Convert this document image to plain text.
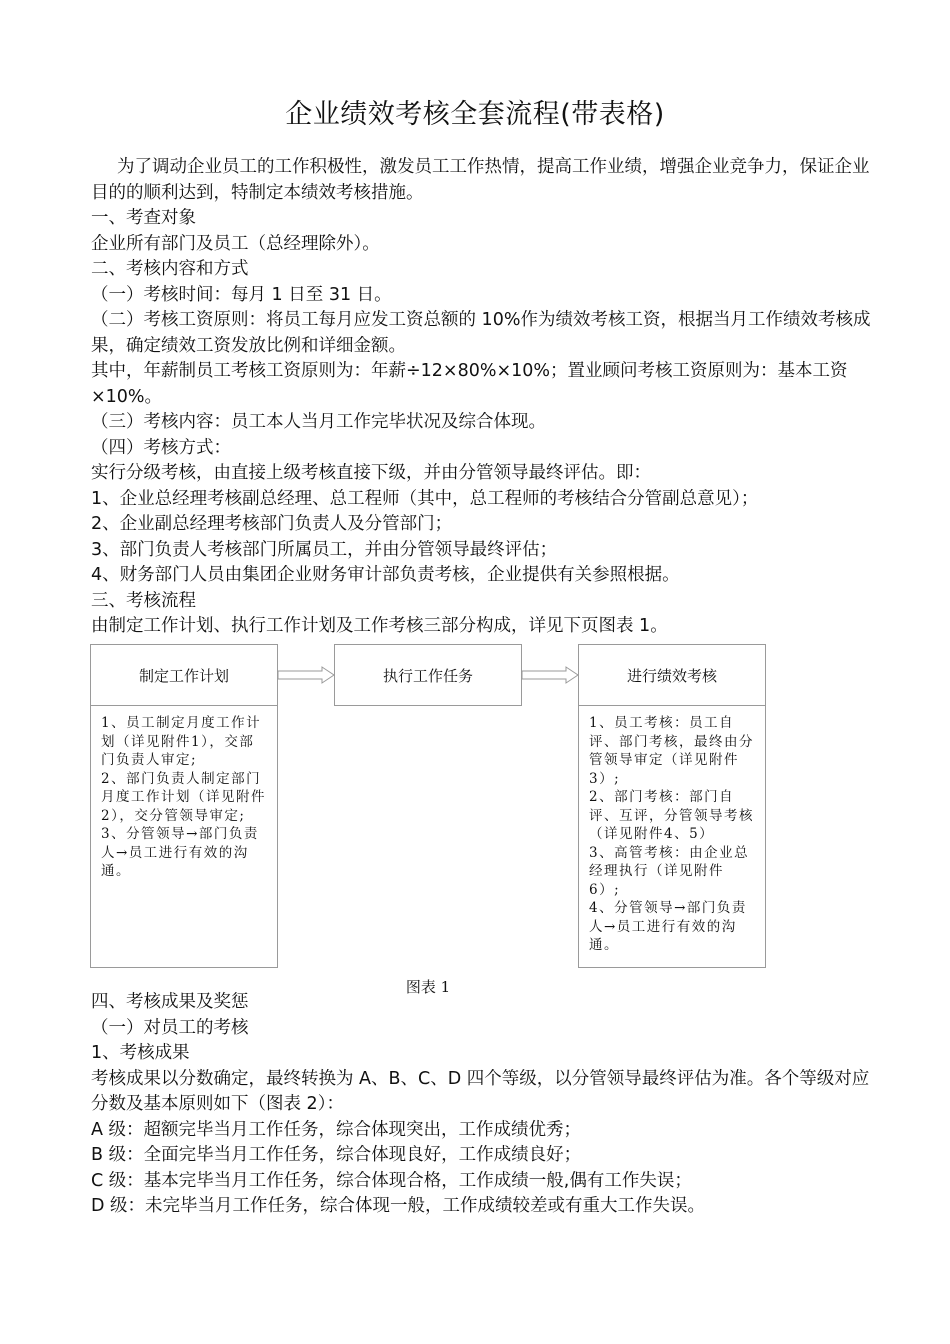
企业绩效考核全套流程(带表格)

为了调动企业员工的工作积极性，激发员工工作热情，提高工作业绩，增强企业竞争力，保证企业目的的顺利达到，特制定本绩效考核措施。

一、考查对象

企业所有部门及员工（总经理除外）。

二、考核内容和方式

（一）考核时间：每月 1 日至 31 日。

（二）考核工资原则：将员工每月应发工资总额的 10%作为绩效考核工资，根据当月工作绩效考核成果，确定绩效工资发放比例和详细金额。

其中，年薪制员工考核工资原则为：年薪÷12×80%×10%；置业顾问考核工资原则为：基本工资×10%。

（三）考核内容：员工本人当月工作完毕状况及综合体现。

（四）考核方式：

实行分级考核，由直接上级考核直接下级，并由分管领导最终评估。即：

1、企业总经理考核副总经理、总工程师（其中，总工程师的考核结合分管副总意见）；

2、企业副总经理考核部门负责人及分管部门；

3、部门负责人考核部门所属员工，并由分管领导最终评估；

4、财务部门人员由集团企业财务审计部负责考核，企业提供有关参照根据。

三、考核流程

由制定工作计划、执行工作计划及工作考核三部分构成，详见下页图表 1。

制定工作计划	执行工作任务	进行绩效考核
1、员工制定月度工作计划（详见附件1），交部门负责人审定;
2、部门负责人制定部门月度工作计划（详见附件2），交分管领导审定;
3、分管领导→部门负责人→员工进行有效的沟通。
1、员工考核：员工自评、部门考核，最终由分管领导审定（详见附件3）;
2、部门考核：部门自评、互评，分管领导考核（详见附件4、5）
3、高管考核：由企业总经理执行（详见附件6）;
4、分管领导→部门负责人→员工进行有效的沟通。
图表 1

四、考核成果及奖惩

（一）对员工的考核

1、考核成果

考核成果以分数确定，最终转换为 A、B、C、D 四个等级，以分管领导最终评估为准。各个等级对应分数及基本原则如下（图表 2）：

A 级：超额完毕当月工作任务，综合体现突出，工作成绩优秀；

B 级：全面完毕当月工作任务，综合体现良好，工作成绩良好；

C 级：基本完毕当月工作任务，综合体现合格，工作成绩一般,偶有工作失误；

D 级：未完毕当月工作任务，综合体现一般，工作成绩较差或有重大工作失误。
